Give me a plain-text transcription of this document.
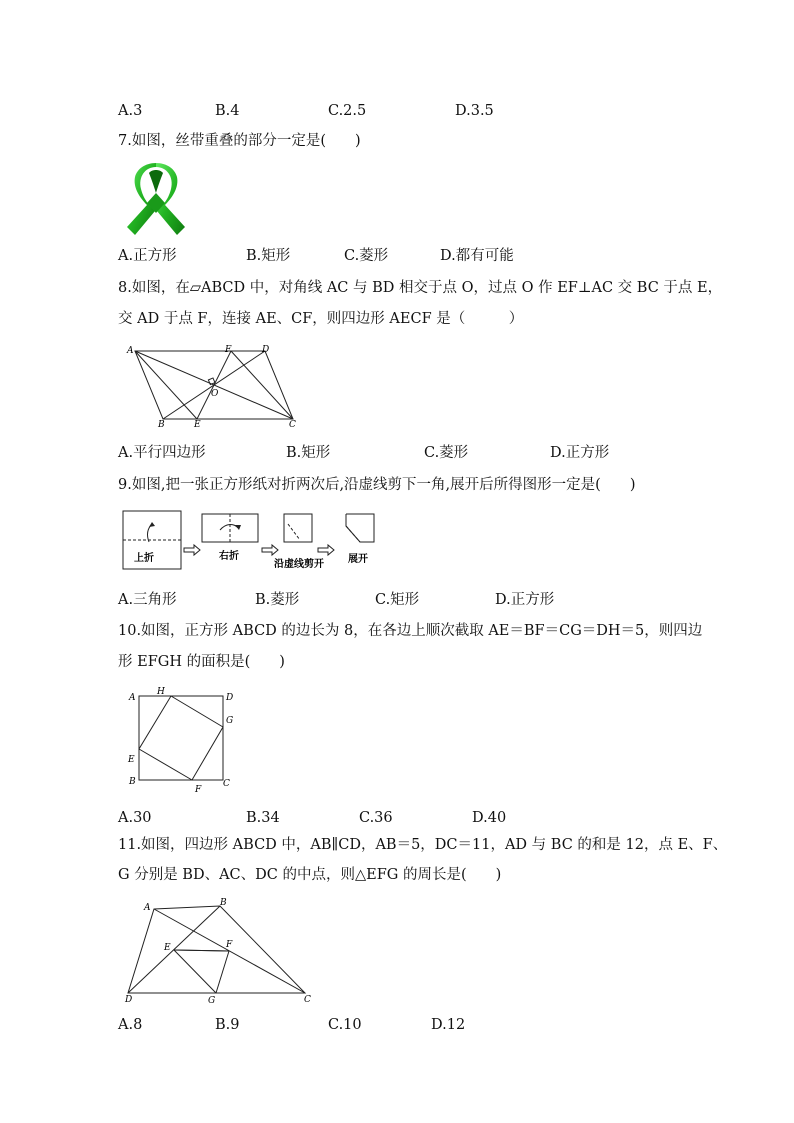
A.3	B.4	C.2.5	D.3.5
7.如图，丝带重叠的部分一定是(　　)
A.正方形	B.矩形	C.菱形	D.都有可能
8.如图，在▱ABCD 中，对角线 AC 与 BD 相交于点 O，过点 O 作 EF⊥AC 交 BC 于点 E，
交 AD 于点 F，连接 AE、CF，则四边形 AECF 是（　　　）
A	F	D
O
B	E	C
A.平行四边形	B.矩形	C.菱形	D.正方形
9.如图,把一张正方形纸对折两次后,沿虚线剪下一角,展开后所得图形一定是(　　)
上折	右折
沿虚线剪开 展开
A.三角形	B.菱形	C.矩形	D.正方形
10.如图，正方形 ABCD 的边长为 8，在各边上顺次截取 AE＝BF＝CG＝DH＝5，则四边
形 EFGH 的面积是(　　)
A
H
D
G
E
B
F
C
A.30	B.34	C.36	D.40
11.如图，四边形 ABCD 中，AB∥CD，AB＝5，DC＝11，AD 与 BC 的和是 12，点 E、F、
G 分别是 BD、AC、DC 的中点，则△EFG 的周长是(　　)
A	B
E	F
D	G	C
A.8	B.9	C.10	D.12
